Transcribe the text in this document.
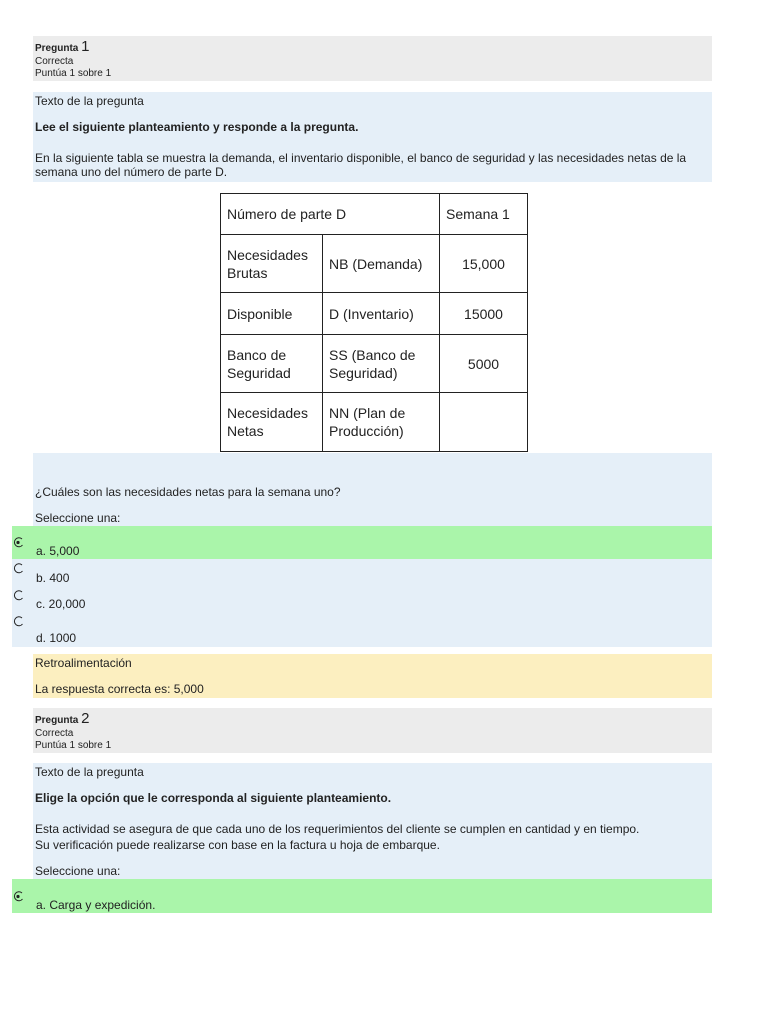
Pregunta 1
Correcta
Puntúa 1 sobre 1
Texto de la pregunta
Lee el siguiente planteamiento y responde a la pregunta.
En la siguiente tabla se muestra la demanda, el inventario disponible, el banco de seguridad y las necesidades netas de la semana uno del número de parte D.
Número de parte D		Semana 1
Necesidades Brutas	NB (Demanda)	15,000
Disponible	D (Inventario)	15000
Banco de Seguridad	SS (Banco de Seguridad)	5000
Necesidades Netas	NN (Plan de Producción)	
¿Cuáles son las necesidades netas para la semana uno?
Seleccione una:
a. 5,000
b. 400
c. 20,000
d. 1000
Retroalimentación
La respuesta correcta es: 5,000
Pregunta 2
Correcta
Puntúa 1 sobre 1
Texto de la pregunta
Elige la opción que le corresponda al siguiente planteamiento.
Esta actividad se asegura de que cada uno de los requerimientos del cliente se cumplen en cantidad y en tiempo.
Su verificación puede realizarse con base en la factura u hoja de embarque.
Seleccione una:
a. Carga y expedición.
